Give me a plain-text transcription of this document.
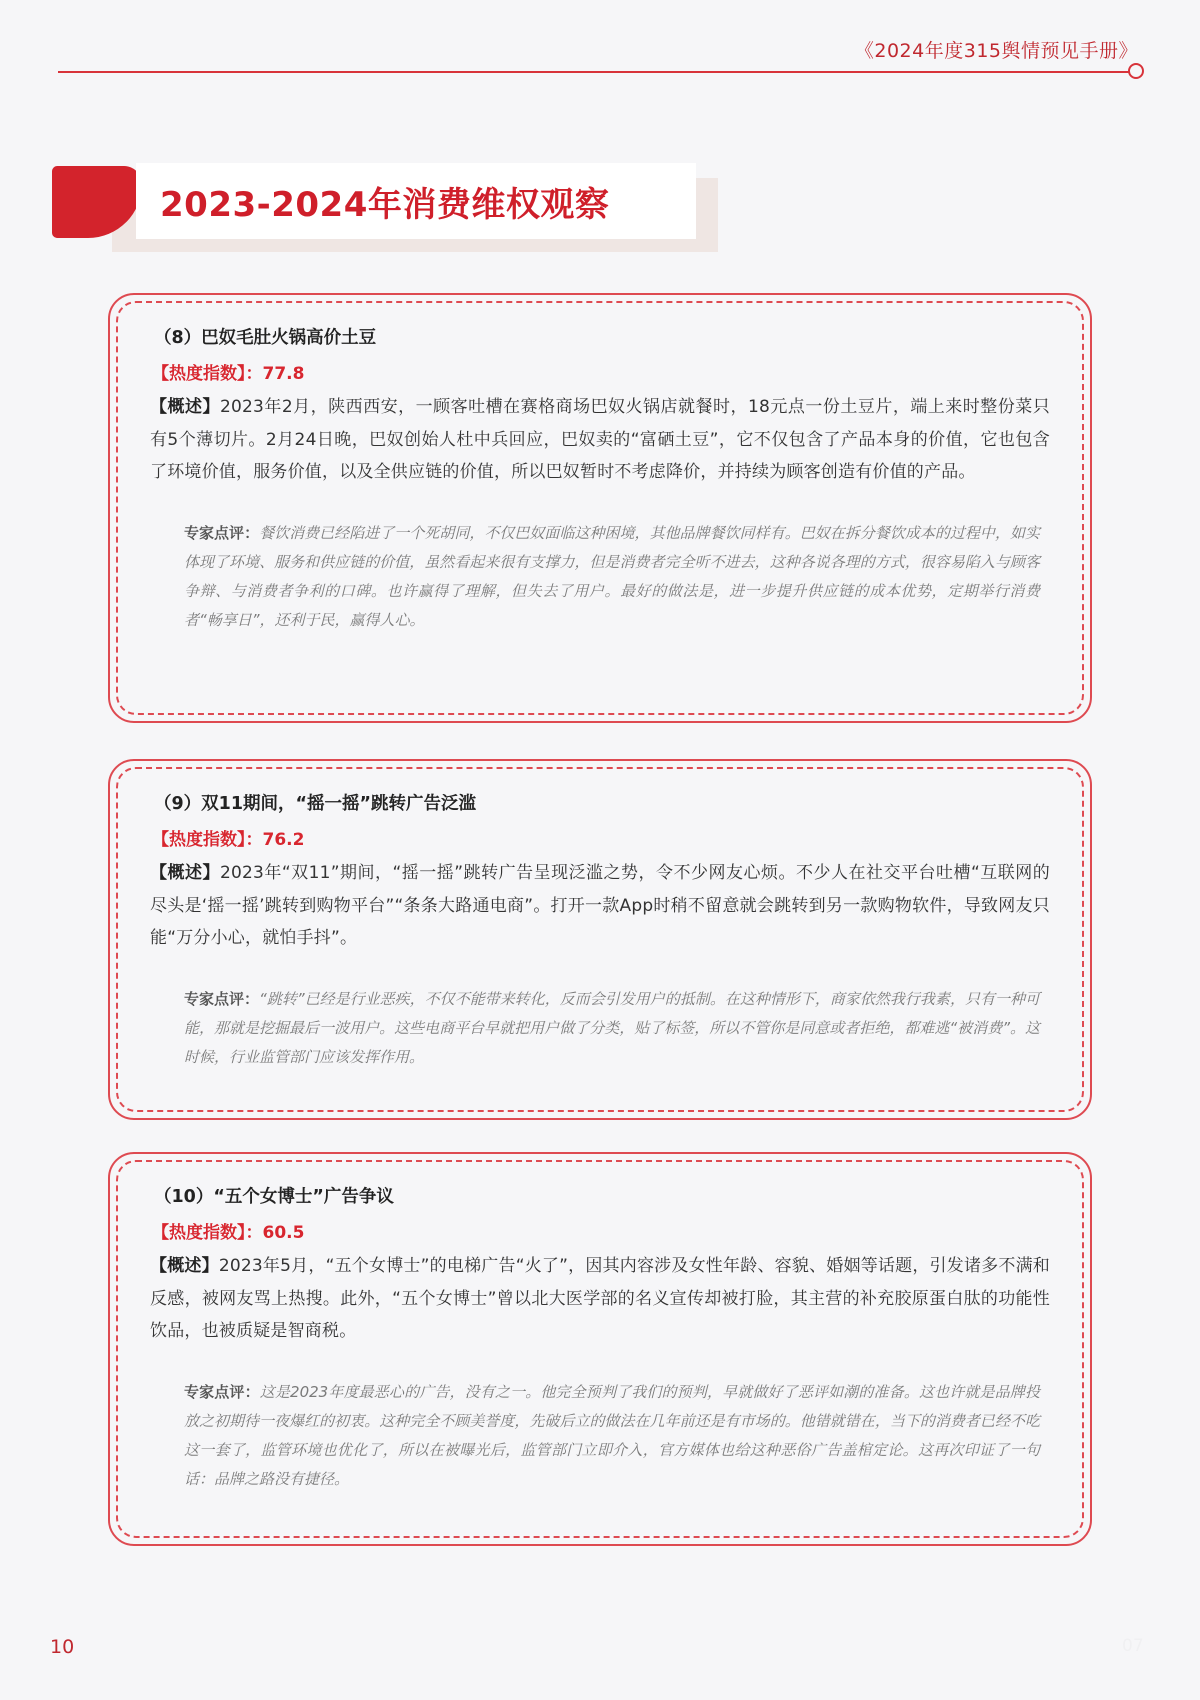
《2024年度315舆情预见手册》
2023-2024年消费维权观察
（8）巴奴毛肚火锅高价土豆
【热度指数】：77.8
【概述】2023年2月，陕西西安，一顾客吐槽在赛格商场巴奴火锅店就餐时，18元点一份土豆片，端上来时整份菜只有5个薄切片。2月24日晚，巴奴创始人杜中兵回应，巴奴卖的“富硒土豆”，它不仅包含了产品本身的价值，它也包含了环境价值，服务价值，以及全供应链的价值，所以巴奴暂时不考虑降价，并持续为顾客创造有价值的产品。
专家点评：餐饮消费已经陷进了一个死胡同，不仅巴奴面临这种困境，其他品牌餐饮同样有。巴奴在拆分餐饮成本的过程中，如实体现了环境、服务和供应链的价值，虽然看起来很有支撑力，但是消费者完全听不进去，这种各说各理的方式，很容易陷入与顾客争辩、与消费者争利的口碑。也许赢得了理解，但失去了用户。最好的做法是，进一步提升供应链的成本优势，定期举行消费者“畅享日”，还利于民，赢得人心。
（9）双11期间，“摇一摇”跳转广告泛滥
【热度指数】：76.2
【概述】2023年“双11”期间，“摇一摇”跳转广告呈现泛滥之势，令不少网友心烦。不少人在社交平台吐槽“互联网的尽头是‘摇一摇’跳转到购物平台”“条条大路通电商”。打开一款App时稍不留意就会跳转到另一款购物软件，导致网友只能“万分小心，就怕手抖”。
专家点评：“跳转”已经是行业恶疾，不仅不能带来转化，反而会引发用户的抵制。在这种情形下，商家依然我行我素，只有一种可能，那就是挖掘最后一波用户。这些电商平台早就把用户做了分类，贴了标签，所以不管你是同意或者拒绝，都难逃“被消费”。这时候，行业监管部门应该发挥作用。
（10）“五个女博士”广告争议
【热度指数】：60.5
【概述】2023年5月，“五个女博士”的电梯广告“火了”，因其内容涉及女性年龄、容貌、婚姻等话题，引发诸多不满和反感，被网友骂上热搜。此外，“五个女博士”曾以北大医学部的名义宣传却被打脸，其主营的补充胶原蛋白肽的功能性饮品，也被质疑是智商税。
专家点评：这是2023年度最恶心的广告，没有之一。他完全预判了我们的预判，早就做好了恶评如潮的准备。这也许就是品牌投放之初期待一夜爆红的初衷。这种完全不顾美誉度，先破后立的做法在几年前还是有市场的。他错就错在，当下的消费者已经不吃这一套了，监管环境也优化了，所以在被曝光后，监管部门立即介入，官方媒体也给这种恶俗广告盖棺定论。这再次印证了一句话：品牌之路没有捷径。
10	07
